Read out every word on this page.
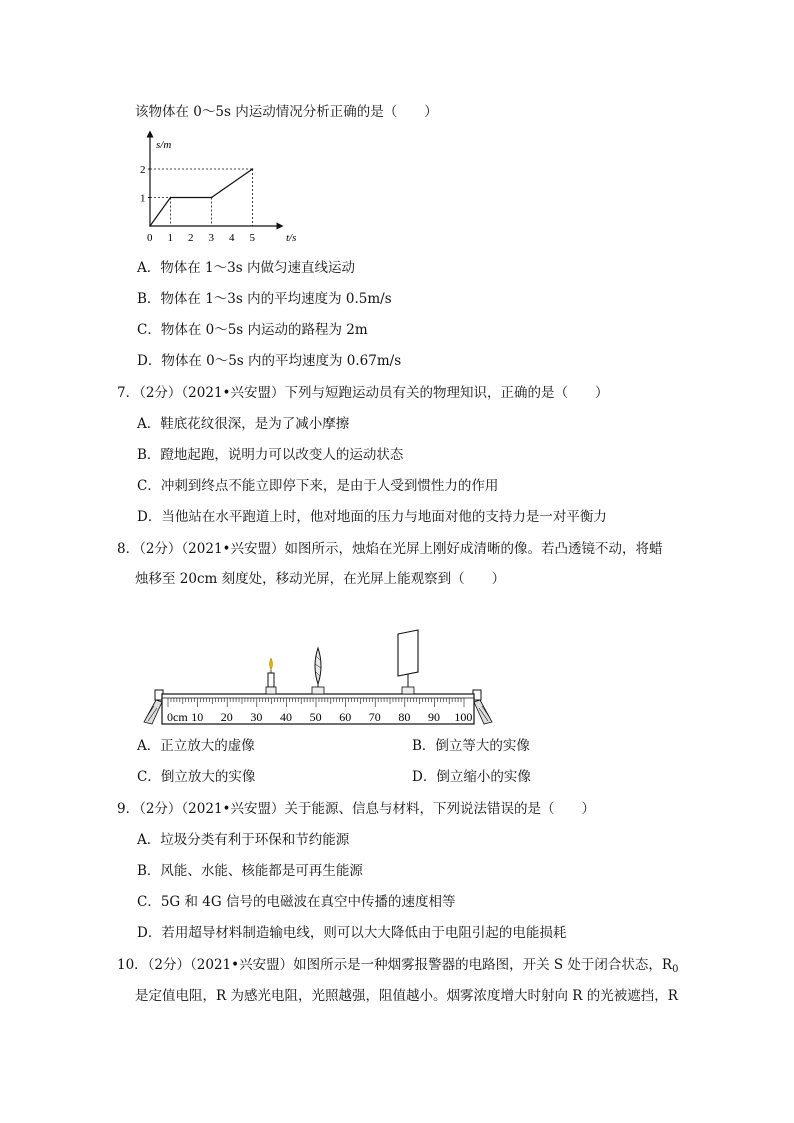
该物体在 0～5s 内运动情况分析正确的是（　　）
s/m
t/s
0 1 2 3 4 5
1
2
A．物体在 1～3s 内做匀速直线运动
B．物体在 1～3s 内的平均速度为 0.5m/s
C．物体在 0～5s 内运动的路程为 2m
D．物体在 0～5s 内的平均速度为 0.67m/s
7．（2分）（2021•兴安盟）下列与短跑运动员有关的物理知识，正确的是（　　）
A．鞋底花纹很深，是为了减小摩擦
B．蹬地起跑，说明力可以改变人的运动状态
C．冲刺到终点不能立即停下来，是由于人受到惯性力的作用
D．当他站在水平跑道上时，他对地面的压力与地面对他的支持力是一对平衡力
8．（2分）（2021•兴安盟）如图所示，烛焰在光屏上刚好成清晰的像。若凸透镜不动，将蜡
烛移至 20cm 刻度处，移动光屏，在光屏上能观察到（　　）
0cm 10 20 30 40 50 60 70 80 90 100
A．正立放大的虚像	B．倒立等大的实像
C．倒立放大的实像	D．倒立缩小的实像
9．（2分）（2021•兴安盟）关于能源、信息与材料，下列说法错误的是（　　）
A．垃圾分类有利于环保和节约能源
B．风能、水能、核能都是可再生能源
C．5G 和 4G 信号的电磁波在真空中传播的速度相等
D．若用超导材料制造输电线，则可以大大降低由于电阻引起的电能损耗
10．（2分）（2021•兴安盟）如图所示是一种烟雾报警器的电路图，开关 S 处于闭合状态，$R_0$
是定值电阻，R 为感光电阻，光照越强，阻值越小。烟雾浓度增大时射向 R 的光被遮挡，R
